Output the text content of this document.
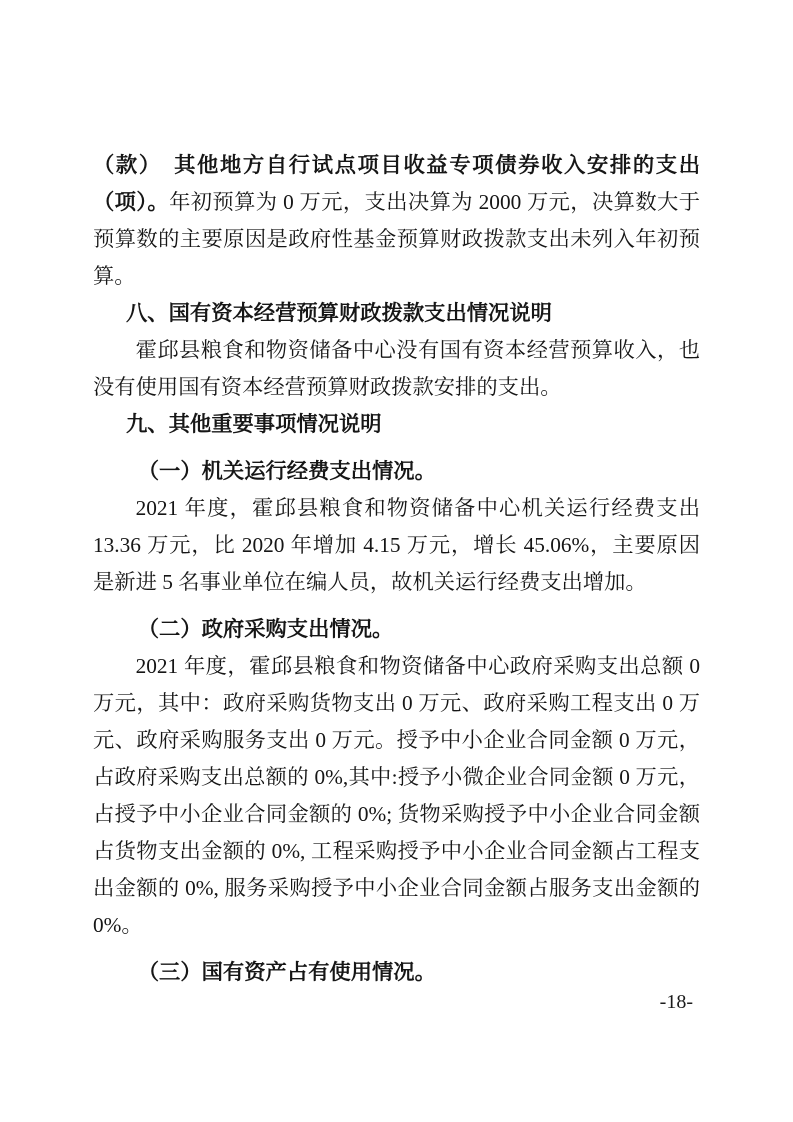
（款）　其他地方自行试点项目收益专项债券收入安排的支出（项）。年初预算为 0 万元，支出决算为 2000 万元，决算数大于预算数的主要原因是政府性基金预算财政拨款支出未列入年初预算。

八、国有资本经营预算财政拨款支出情况说明

霍邱县粮食和物资储备中心没有国有资本经营预算收入，也没有使用国有资本经营预算财政拨款安排的支出。

九、其他重要事项情况说明
（一）机关运行经费支出情况。

2021 年度，霍邱县粮食和物资储备中心机关运行经费支出 13.36 万元，比 2020 年增加 4.15 万元，增长 45.06%，主要原因是新进 5 名事业单位在编人员，故机关运行经费支出增加。

（二）政府采购支出情况。

2021 年度，霍邱县粮食和物资储备中心政府采购支出总额 0 万元，其中：政府采购货物支出 0 万元、政府采购工程支出 0 万元、政府采购服务支出 0 万元。授予中小企业合同金额 0 万元，占政府采购支出总额的 0%,其中:授予小微企业合同金额 0 万元，占授予中小企业合同金额的 0%; 货物采购授予中小企业合同金额占货物支出金额的 0%, 工程采购授予中小企业合同金额占工程支出金额的 0%, 服务采购授予中小企业合同金额占服务支出金额的 0%。

（三）国有资产占有使用情况。
-18-
